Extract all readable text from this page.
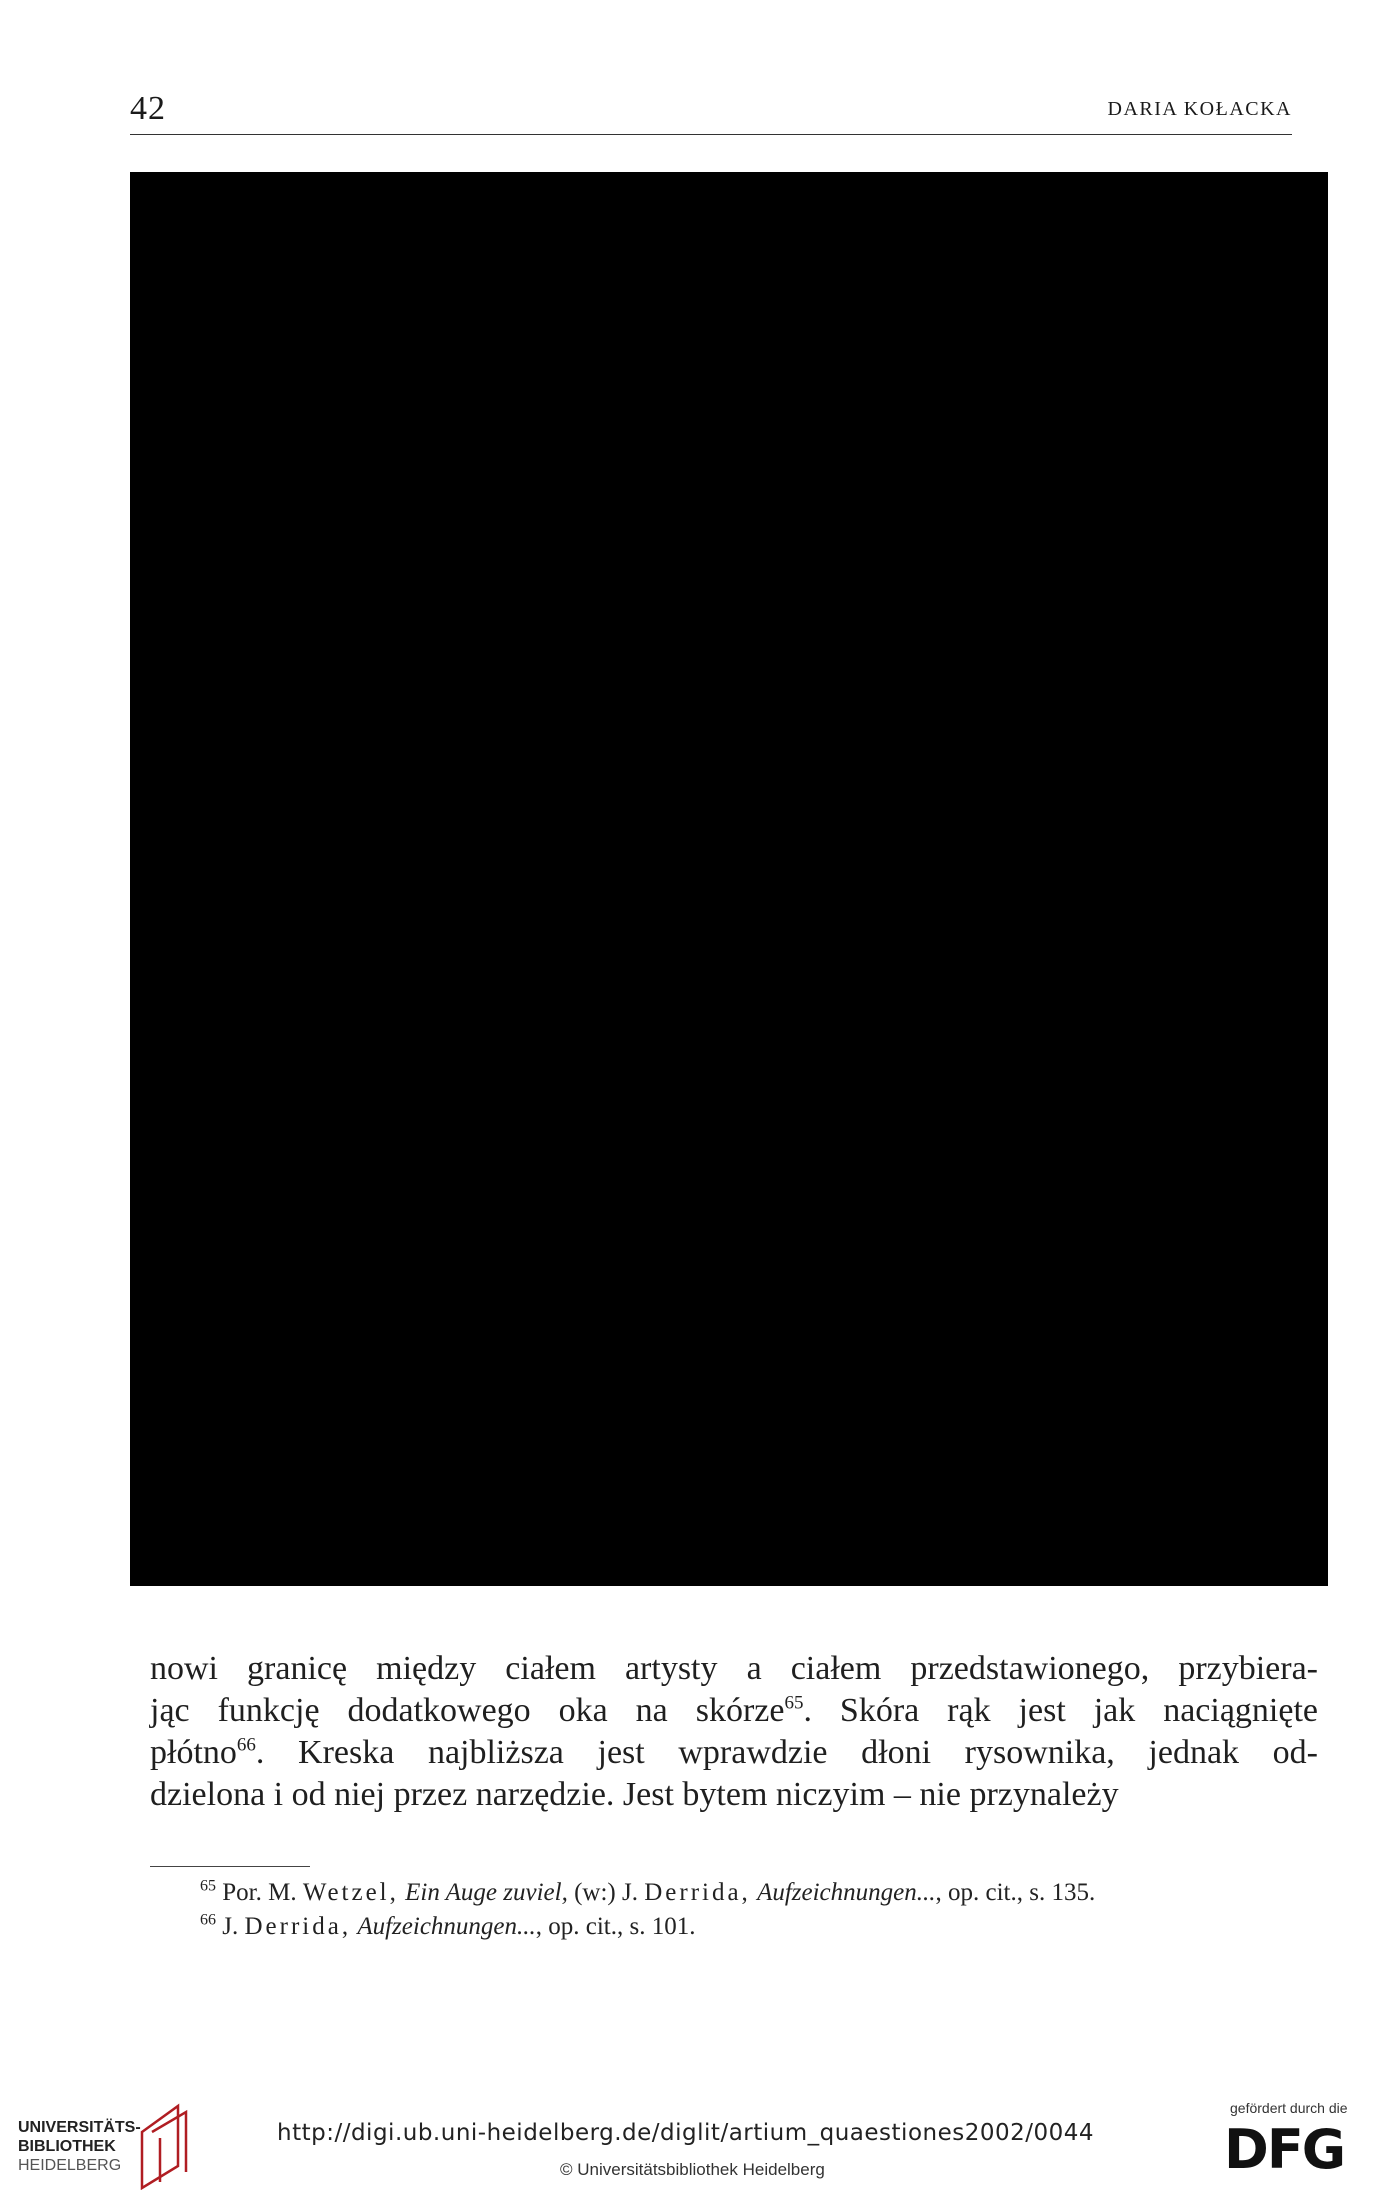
42	DARIA KOŁACKA
nowi granicę między ciałem artysty a ciałem przedstawionego, przybiera-
jąc funkcję dodatkowego oka na skórze$^{65}$. Skóra rąk jest jak naciągnięte
płótno$^{66}$. Kreska najbliższa jest wprawdzie dłoni rysownika, jednak od-
dzielona i od niej przez narzędzie. Jest bytem niczyim – nie przynależy
$^{65}$ Por. M. Wetzel, Ein Auge zuviel, (w:) J. Derrida, Aufzeichnungen..., op. cit., s. 135.
$^{66}$ J. Derrida, Aufzeichnungen..., op. cit., s. 101.
UNIVERSITÄTS-
BIBLIOTHEK
HEIDELBERG
http://digi.ub.uni-heidelberg.de/diglit/artium_quaestiones2002/0044
© Universitätsbibliothek Heidelberg
gefördert durch die
DFG
